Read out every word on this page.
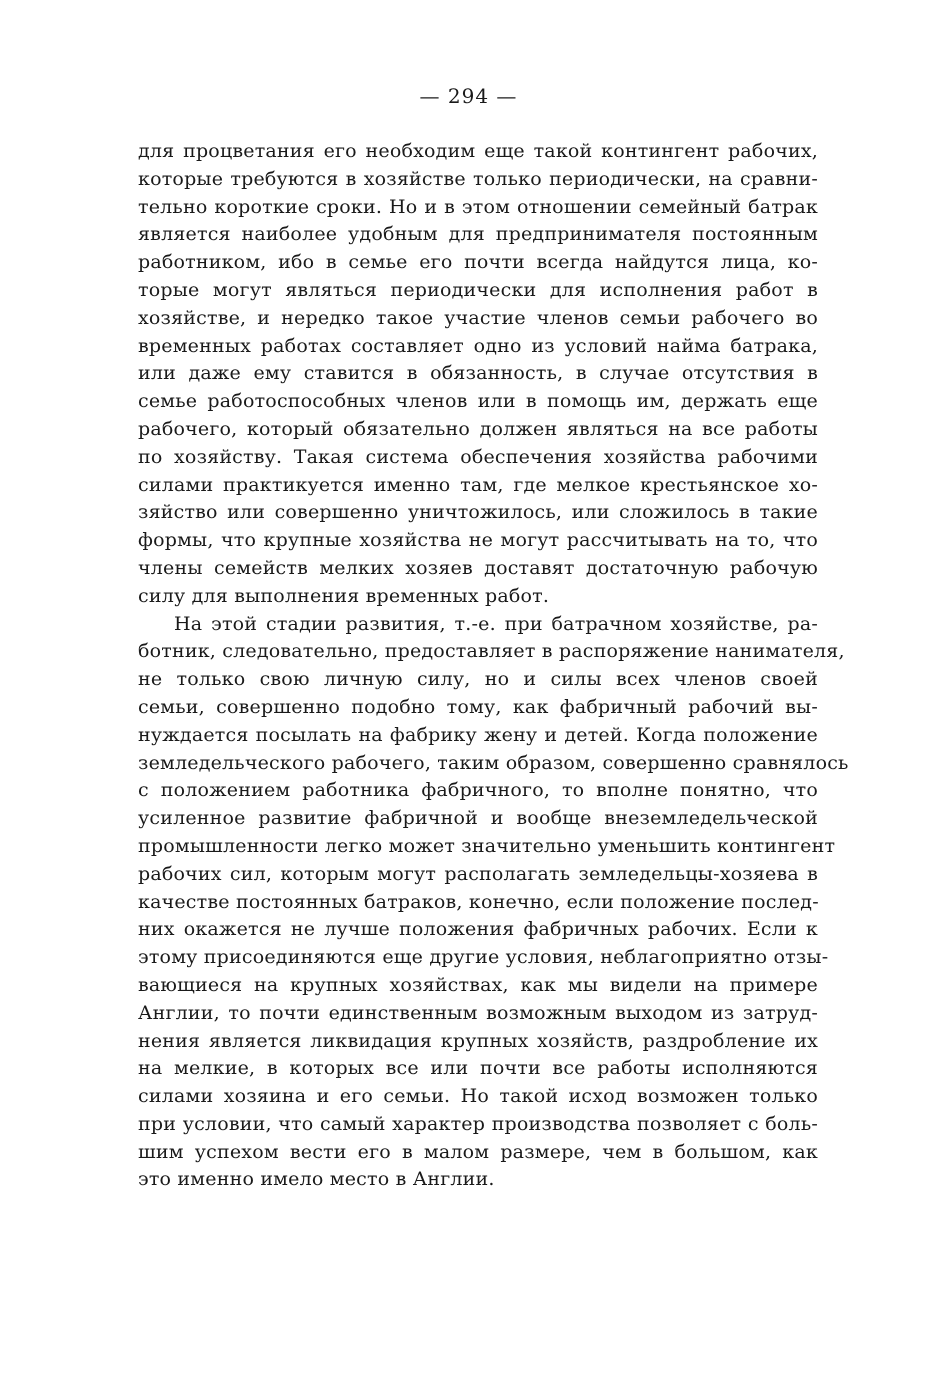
— 294 —

для процветания его необходим еще такой контингент рабочих,
которые требуются в хозяйстве только периодически, на сравни-
тельно короткие сроки. Но и в этом отношении семейный батрак
является наиболее удобным для предпринимателя постоянным
работником, ибо в семье его почти всегда найдутся лица, ко-
торые могут являться периодически для исполнения работ в
хозяйстве, и нередко такое участие членов семьи рабочего во
временных работах составляет одно из условий найма батрака,
или даже ему ставится в обязанность, в случае отсутствия в
семье работоспособных членов или в помощь им, держать еще
рабочего, который обязательно должен являться на все работы
по хозяйству. Такая система обеспечения хозяйства рабочими
силами практикуется именно там, где мелкое крестьянское хо-
зяйство или совершенно уничтожилось, или сложилось в такие
формы, что крупные хозяйства не могут рассчитывать на то, что
члены семейств мелких хозяев доставят достаточную рабочую
силу для выполнения временных работ.

На этой стадии развития, т.-е. при батрачном хозяйстве, ра-
ботник, следовательно, предоставляет в распоряжение нанимателя,
не только свою личную силу, но и силы всех членов своей
семьи, совершенно подобно тому, как фабричный рабочий вы-
нуждается посылать на фабрику жену и детей. Когда положение
земледельческого рабочего, таким образом, совершенно сравнялось
с положением работника фабричного, то вполне понятно, что
усиленное развитие фабричной и вообще внеземледельческой
промышленности легко может значительно уменьшить контингент
рабочих сил, которым могут располагать земледельцы-хозяева в
качестве постоянных батраков, конечно, если положение послед-
них окажется не лучше положения фабричных рабочих. Если к
этому присоединяются еще другие условия, неблагоприятно отзы-
вающиеся на крупных хозяйствах, как мы видели на примере
Англии, то почти единственным возможным выходом из затруд-
нения является ликвидация крупных хозяйств, раздробление их
на мелкие, в которых все или почти все работы исполняются
силами хозяина и его семьи. Но такой исход возможен только
при условии, что самый характер производства позволяет с боль-
шим успехом вести его в малом размере, чем в большом, как
это именно имело место в Англии.
